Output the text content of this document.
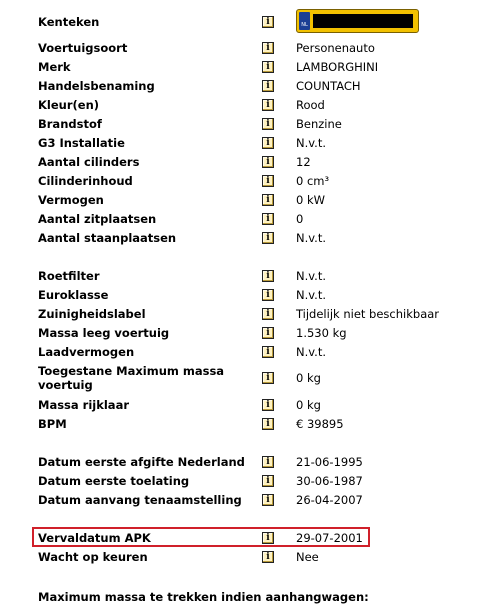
Kenteken	i	NL
Voertuigsoort	i	Personenauto
Merk	i	LAMBORGHINI
Handelsbenaming	i	COUNTACH
Kleur(en)	i	Rood
Brandstof	i	Benzine
G3 Installatie	i	N.v.t.
Aantal cilinders	i	12
Cilinderinhoud	i	0 cm³
Vermogen	i	0 kW
Aantal zitplaatsen	i	0
Aantal staanplaatsen	i	N.v.t.
Roetfilter	i	N.v.t.
Euroklasse	i	N.v.t.
Zuinigheidslabel	i	Tijdelijk niet beschikbaar
Massa leeg voertuig	i	1.530 kg
Laadvermogen	i	N.v.t.
Toegestane Maximum massa voertuig	i	0 kg
Massa rijklaar	i	0 kg
BPM	i	€ 39895
Datum eerste afgifte Nederland	i	21-06-1995
Datum eerste toelating	i	30-06-1987
Datum aanvang tenaamstelling	i	26-04-2007
Vervaldatum APK	i	29-07-2001
Wacht op keuren	i	Nee
Maximum massa te trekken indien aanhangwagen:
